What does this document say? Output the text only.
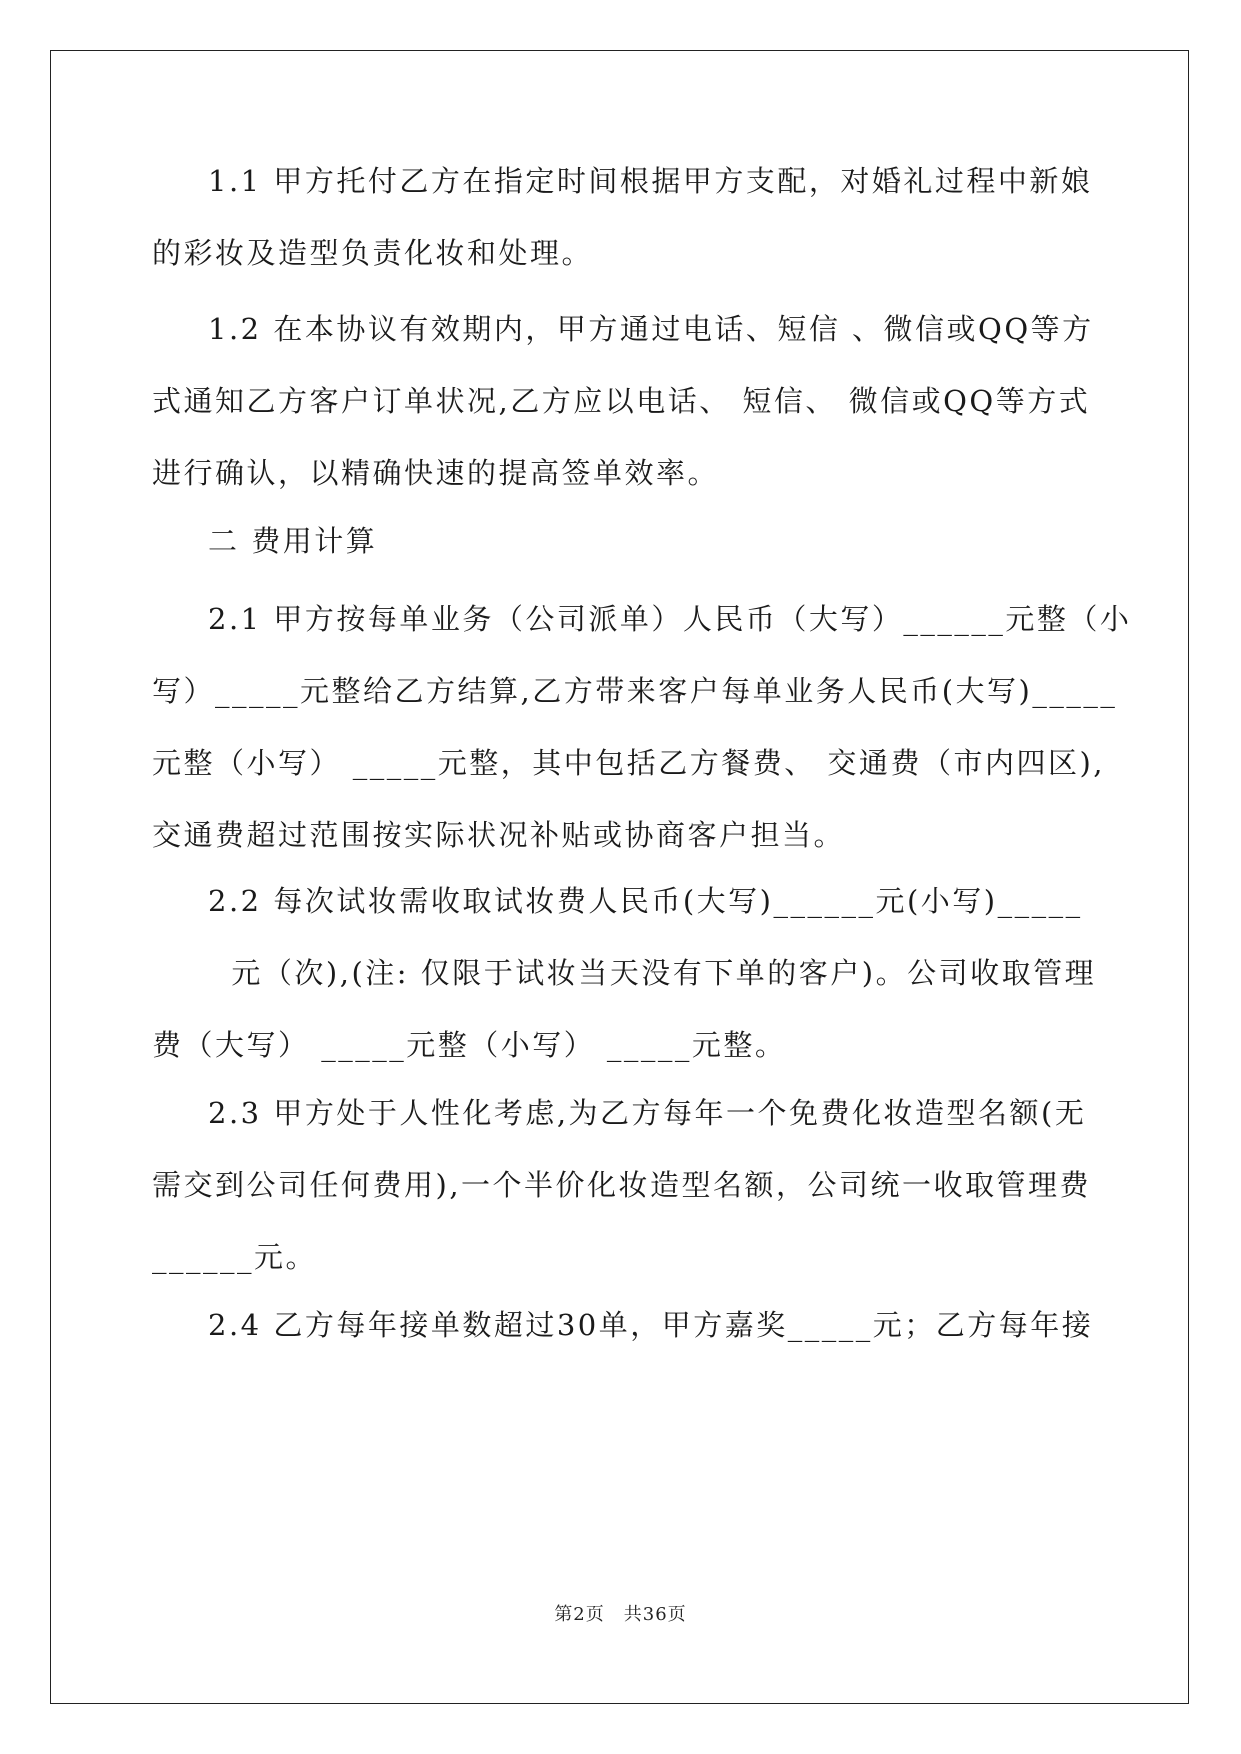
1.1 甲方托付乙方在指定时间根据甲方支配，对婚礼过程中新娘
的彩妆及造型负责化妆和处理。
1.2 在本协议有效期内，甲方通过电话、短信 、微信或QQ等方
式通知乙方客户订单状况,乙方应以电话、 短信、 微信或QQ等方式
进行确认，以精确快速的提高签单效率。
二 费用计算
2.1 甲方按每单业务（公司派单）人民币（大写）______元整（小
写）_____元整给乙方结算,乙方带来客户每单业务人民币(大写)_____
元整（小写） _____元整，其中包括乙方餐费、 交通费（市内四区),
交通费超过范围按实际状况补贴或协商客户担当。
2.2 每次试妆需收取试妆费人民币(大写)______元(小写)_____
元（次),(注: 仅限于试妆当天没有下单的客户)。公司收取管理
费（大写） _____元整（小写） _____元整。
2.3 甲方处于人性化考虑,为乙方每年一个免费化妆造型名额(无
需交到公司任何费用),一个半价化妆造型名额，公司统一收取管理费
______元。
2.4 乙方每年接单数超过30单，甲方嘉奖_____元；乙方每年接
第2页　共36页
